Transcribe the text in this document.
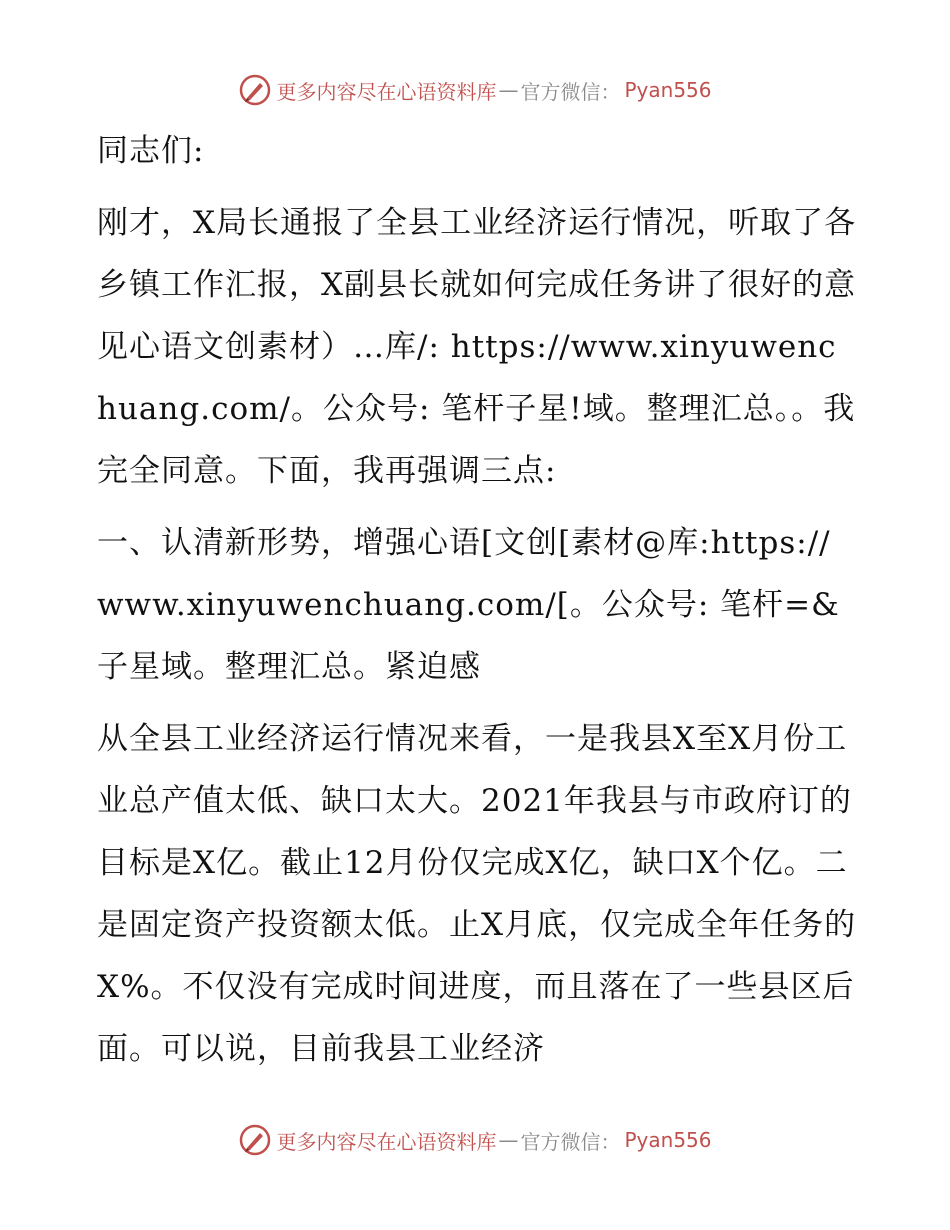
更多内容尽在心语资料库 — 官方微信： Pyan556

同志们:

刚才，X局长通报了全县工业经济运行情况，听取了各乡镇工作汇报，X副县长就如何完成任务讲了很好的意见心语文创素材）…库/: https://www.xinyuwenchuang.com/。公众号: 笔杆子星!域。整理汇总。。我完全同意。下面，我再强调三点:

一、认清新形势，增强心语[文创[素材@库:https://www.xinyuwenchuang.com/[。公众号: 笔杆=&子星域。整理汇总。紧迫感

从全县工业经济运行情况来看，一是我县X至X月份工业总产值太低、缺口太大。2021年我县与市政府订的目标是X亿。截止12月份仅完成X亿，缺口X个亿。二是固定资产投资额太低。止X月底，仅完成全年任务的X%。不仅没有完成时间进度，而且落在了一些县区后面。可以说，目前我县工业经济

更多内容尽在心语资料库 — 官方微信： Pyan556
